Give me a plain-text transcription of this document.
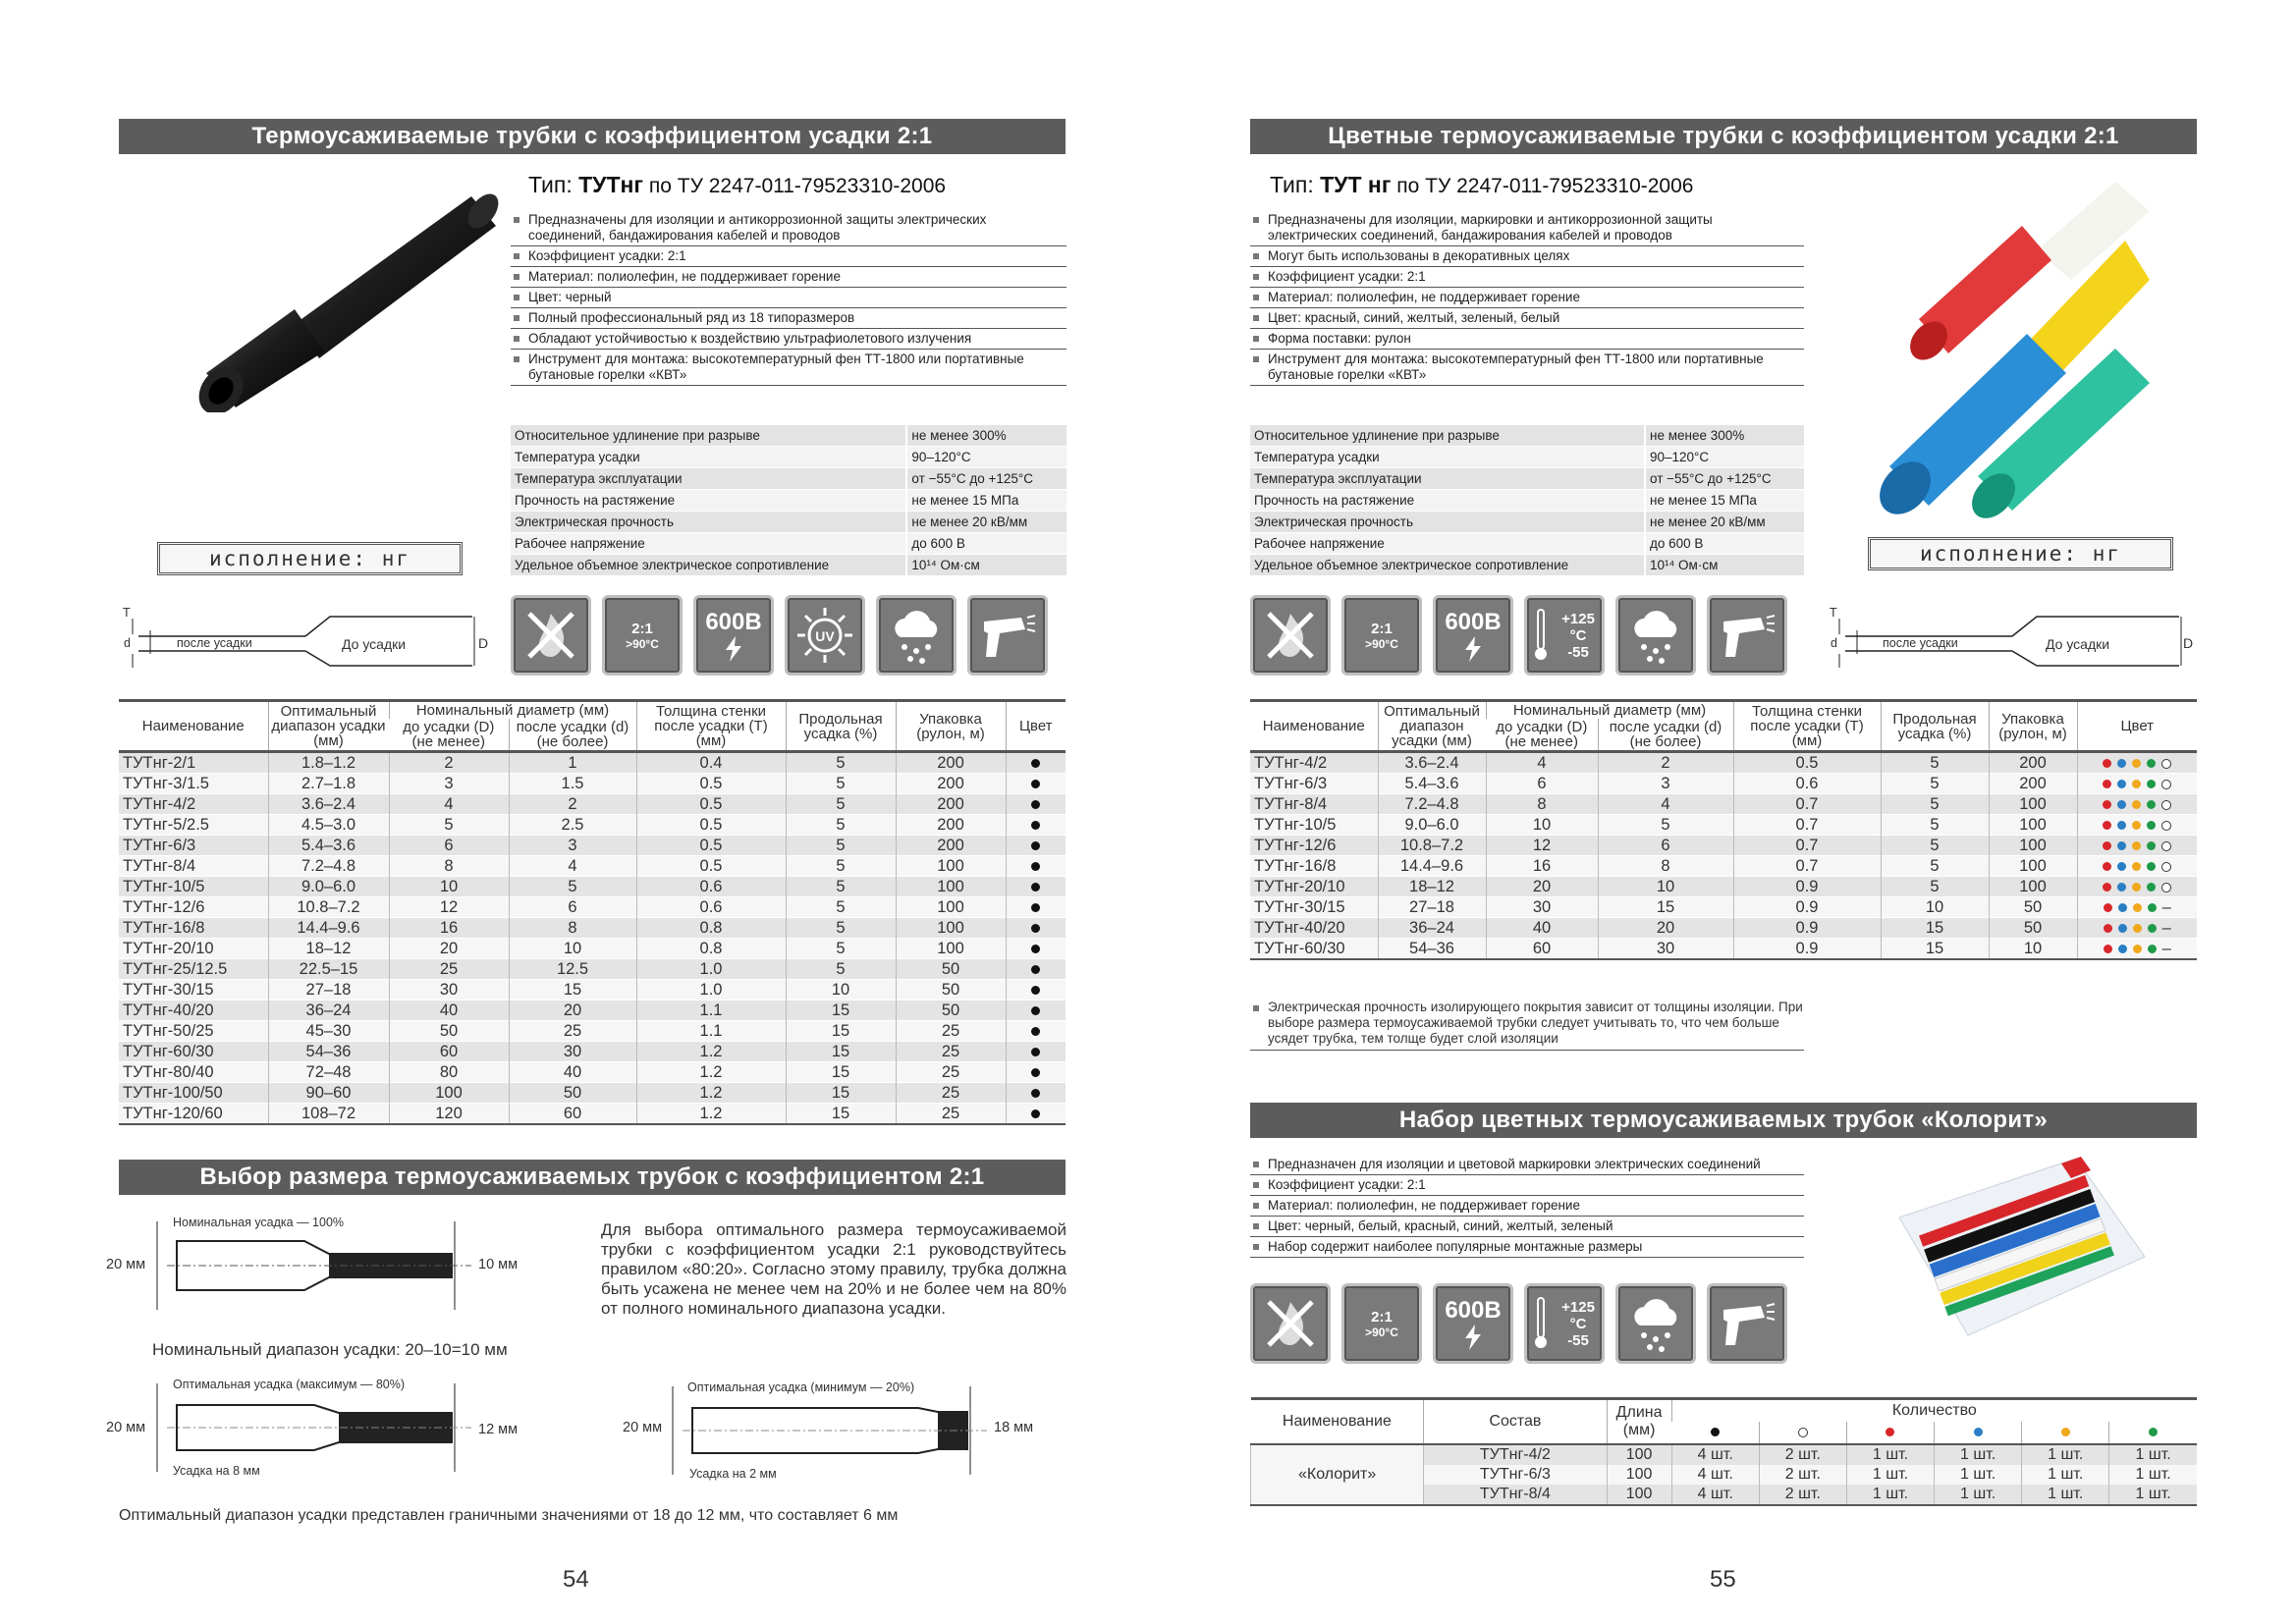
Термоусаживаемые трубки с коэффициентом усадки 2:1
Тип: ТУТнг по ТУ 2247-011-79523310-2006
Предназначены для изоляции и антикоррозионной защиты электрических соединений, бандажирования кабелей и проводов
Коэффициент усадки: 2:1
Материал: полиолефин, не поддерживает горение
Цвет: черный
Полный профессиональный ряд из 18 типоразмеров
Обладают устойчивостью к воздействию ультрафиолетового излучения
Инструмент для монтажа: высокотемпературный фен ТТ-1800 или портативные бутановые горелки «КВТ»
Относительное удлинение при разрыве	не менее 300%
Температура усадки	90–120°С
Температура эксплуатации	от −55°С до +125°С
Прочность на растяжение	не менее 15 МПа
Электрическая прочность	не менее 20 кВ/мм
Рабочее напряжение	до 600 В
Удельное объемное электрическое сопротивление	10¹⁴ Ом·см
исполнение: нг
T
d	после усадки	До усадки	D
2:1
>90°С
600В
UV
Наименование	Оптимальный диапазон усадки (мм)	Номинальный диаметр (мм)		Толщина стенки после усадки (T) (мм)	Продольная усадка (%)	Упаковка (рулон, м)	Цвет
		до усадки (D) (не менее)	после усадки (d) (не более)				
ТУТнг-2/1	1.8–1.2	2	1	0.4	5	200	
ТУТнг-3/1.5	2.7–1.8	3	1.5	0.5	5	200	
ТУТнг-4/2	3.6–2.4	4	2	0.5	5	200	
ТУТнг-5/2.5	4.5–3.0	5	2.5	0.5	5	200	
ТУТнг-6/3	5.4–3.6	6	3	0.5	5	200	
ТУТнг-8/4	7.2–4.8	8	4	0.5	5	100	
ТУТнг-10/5	9.0–6.0	10	5	0.6	5	100	
ТУТнг-12/6	10.8–7.2	12	6	0.6	5	100	
ТУТнг-16/8	14.4–9.6	16	8	0.8	5	100	
ТУТнг-20/10	18–12	20	10	0.8	5	100	
ТУТнг-25/12.5	22.5–15	25	12.5	1.0	5	50	
ТУТнг-30/15	27–18	30	15	1.0	10	50	
ТУТнг-40/20	36–24	40	20	1.1	15	50	
ТУТнг-50/25	45–30	50	25	1.1	15	25	
ТУТнг-60/30	54–36	60	30	1.2	15	25	
ТУТнг-80/40	72–48	80	40	1.2	15	25	
ТУТнг-100/50	90–60	100	50	1.2	15	25	
ТУТнг-120/60	108–72	120	60	1.2	15	25	
Выбор размера термоусаживаемых трубок с коэффициентом 2:1
Номинальная усадка — 100%
20 мм	10 мм
Номинальный диапазон усадки: 20–10=10 мм
Для выбора оптимального размера термоусаживаемой трубки с коэффициентом усадки 2:1 руководствуйтесь правилом «80:20». Согласно этому правилу, трубка должна быть усажена не менее чем на 20% и не более чем на 80% от полного номинального диапазона усадки.
Оптимальная усадка (максимум — 80%)
20 мм	12 мм
Усадка на 8 мм
Оптимальная усадка (минимум — 20%)
20 мм	18 мм
Усадка на 2 мм
Оптимальный диапазон усадки представлен граничными значениями от 18 до 12 мм, что составляет 6 мм
54
Цветные термоусаживаемые трубки с коэффициентом усадки 2:1
Тип: ТУТ нг по ТУ 2247-011-79523310-2006
Предназначены для изоляции, маркировки и антикоррозионной защиты электрических соединений, бандажирования кабелей и проводов
Могут быть использованы в декоративных целях
Коэффициент усадки: 2:1
Материал: полиолефин, не поддерживает горение
Цвет: красный, синий, желтый, зеленый, белый
Форма поставки: рулон
Инструмент для монтажа: высокотемпературный фен ТТ-1800 или портативные бутановые горелки «КВТ»
Относительное удлинение при разрыве	не менее 300%
Температура усадки	90–120°С
Температура эксплуатации	от −55°С до +125°С
Прочность на растяжение	не менее 15 МПа
Электрическая прочность	не менее 20 кВ/мм
Рабочее напряжение	до 600 В
Удельное объемное электрическое сопротивление	10¹⁴ Ом·см	исполнение: нг
2:1
>90°С
600В	+125
°С
-55
T
d	после усадки	До усадки	D
Наименование	Оптимальный диапазон усадки (мм)	Номинальный диаметр (мм)		Толщина стенки после усадки (T) (мм)	Продольная усадка (%)	Упаковка (рулон, м)	Цвет
		до усадки (D) (не менее)	после усадки (d) (не более)				
ТУТнг-4/2	3.6–2.4	4	2	0.5	5	200	
ТУТнг-6/3	5.4–3.6	6	3	0.6	5	200	
ТУТнг-8/4	7.2–4.8	8	4	0.7	5	100	
ТУТнг-10/5	9.0–6.0	10	5	0.7	5	100	
ТУТнг-12/6	10.8–7.2	12	6	0.7	5	100	
ТУТнг-16/8	14.4–9.6	16	8	0.7	5	100	
ТУТнг-20/10	18–12	20	10	0.9	5	100	
ТУТнг-30/15	27–18	30	15	0.9	10	50	–
ТУТнг-40/20	36–24	40	20	0.9	15	50	–
ТУТнг-60/30	54–36	60	30	0.9	15	10	–
Электрическая прочность изолирующего покрытия зависит от толщины изоляции. При выборе размера термоусаживаемой трубки следует учитывать то, что чем больше усядет трубка, тем толще будет слой изоляции
Набор цветных термоусаживаемых трубок «Колорит»
Предназначен для изоляции и цветовой маркировки электрических соединений
Коэффициент усадки: 2:1
Материал: полиолефин, не поддерживает горение
Цвет: черный, белый, красный, синий, желтый, зеленый
Набор содержит наиболее популярные монтажные размеры
2:1
>90°С
600В	+125
°С
-55
Наименование	Состав	Длина (мм)	Количество					

«Колорит»	ТУТнг-4/2	100	4 шт.	2 шт.	1 шт.	1 шт.	1 шт.	1 шт.
	ТУТнг-6/3	100	4 шт.	2 шт.	1 шт.	1 шт.	1 шт.	1 шт.
	ТУТнг-8/4	100	4 шт.	2 шт.	1 шт.	1 шт.	1 шт.	1 шт.
55
